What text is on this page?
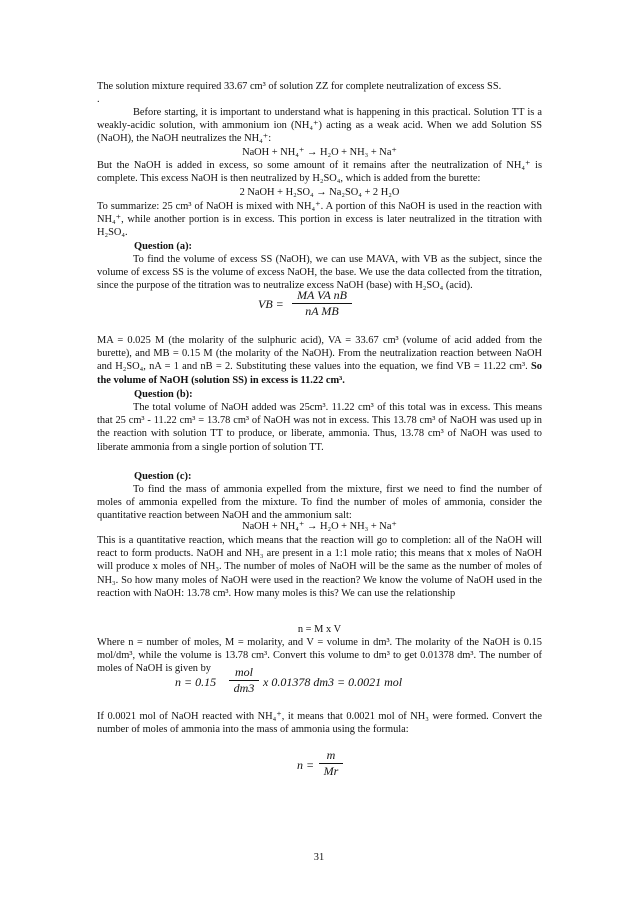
The solution mixture required 33.67 cm³ of solution ZZ for complete neutralization of excess SS.

.

Before starting, it is important to understand what is happening in this practical. Solution TT is a weakly-acidic solution, with ammonium ion (NH₄⁺) acting as a weak acid. When we add Solution SS (NaOH), the NaOH neutralizes the NH₄⁺:

NaOH + NH₄⁺ → H₂O + NH₃ + Na⁺

But the NaOH is added in excess, so some amount of it remains after the neutralization of NH₄⁺ is complete. This excess NaOH is then neutralized by H₂SO₄, which is added from the burette:

2 NaOH + H₂SO₄ → Na₂SO₄ + 2 H₂O

To summarize: 25 cm³ of NaOH is mixed with NH₄⁺. A portion of this NaOH is used in the reaction with NH₄⁺, while another portion is in excess. This portion in excess is later neutralized in the titration with H₂SO₄.

Question (a):

To find the volume of excess SS (NaOH), we can use MAVA, with VB as the subject, since the volume of excess SS is the volume of excess NaOH, the base. We use the data collected from the titration, since the purpose of the titration was to neutralize excess NaOH (base) with H₂SO₄ (acid).

VB = $\frac{\text{MA VA nB}}{\text{nA MB}}$

MA = 0.025 M (the molarity of the sulphuric acid), VA = 33.67 cm³ (volume of acid added from the burette), and MB = 0.15 M (the molarity of the NaOH). From the neutralization reaction between NaOH and H₂SO₄, nA = 1 and nB = 2. Substituting these values into the equation, we find VB = 11.22 cm³. So the volume of NaOH (solution SS) in excess is 11.22 cm³.

Question (b):

The total volume of NaOH added was 25cm³. 11.22 cm³ of this total was in excess. This means that 25 cm³ - 11.22 cm³ = 13.78 cm³ of NaOH was not in excess. This 13.78 cm³ of NaOH was used up in the reaction with solution TT to produce, or liberate, ammonia. Thus, 13.78 cm³ of NaOH was used to liberate ammonia from a single portion of solution TT.

Question (c):

To find the mass of ammonia expelled from the mixture, first we need to find the number of moles of ammonia expelled from the mixture. To find the number of moles of ammonia, consider the quantitative reaction between NaOH and the ammonium salt:

NaOH + NH₄⁺ → H₂O + NH₃ + Na⁺

This is a quantitative reaction, which means that the reaction will go to completion: all of the NaOH will react to form products. NaOH and NH₃ are present in a 1:1 mole ratio; this means that x moles of NaOH will produce x moles of NH₃. The number of moles of NaOH will be the same as the number of moles of NH₃. So how many moles of NaOH were used in the reaction? We know the volume of NaOH used in the reaction with NaOH: 13.78 cm³. How many moles is this? We can use the relationship

n = M x V

Where n = number of moles, M = molarity, and V = volume in dm³. The molarity of the NaOH is 0.15 mol/dm³, while the volume is 13.78 cm³. Convert this volume to dm³ to get 0.01378 dm³. The number of moles of NaOH is given by

n = 0.15
mol
dm3 x 0.01378 dm3 = 0.0021 mol

If 0.0021 mol of NaOH reacted with NH₄⁺, it means that 0.0021 mol of NH₃ were formed. Convert the number of moles of ammonia into the mass of ammonia using the formula:

$n = \frac{m}{Mr}$
31
